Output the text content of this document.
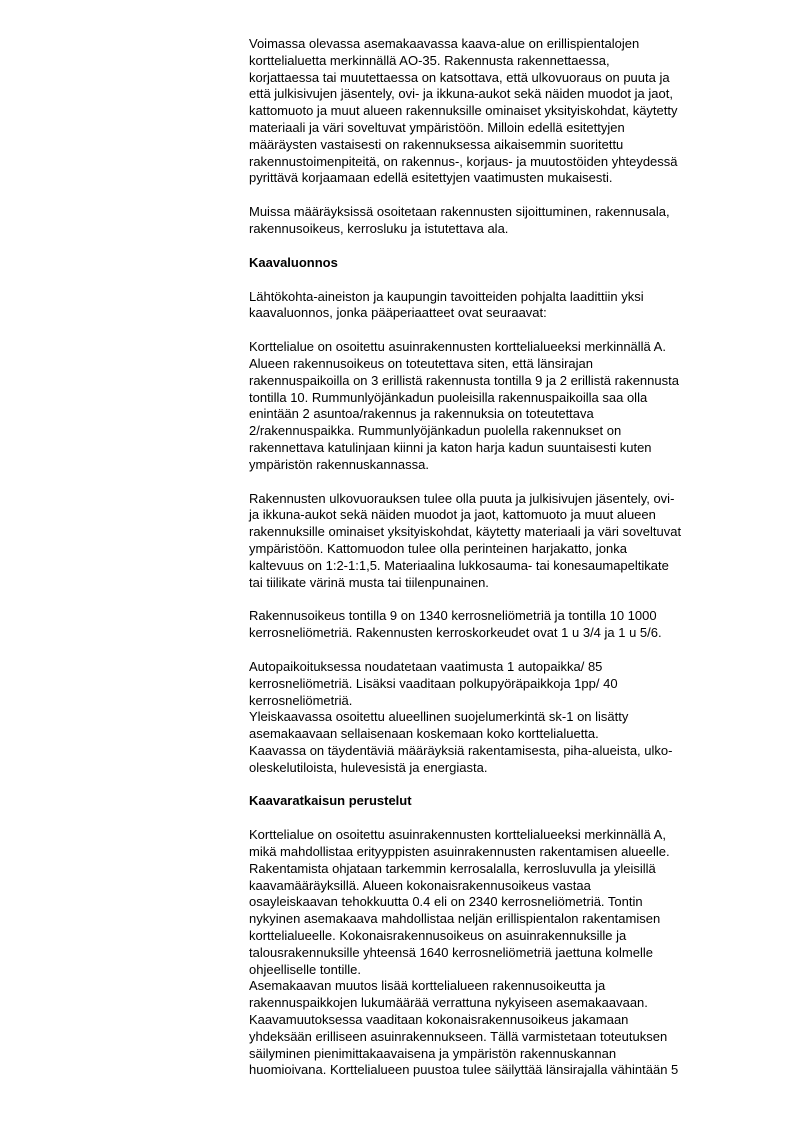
Voimassa olevassa asemakaavassa kaava-alue on erillispientalojen
korttelialuetta merkinnällä AO-35. Rakennusta rakennettaessa,
korjattaessa tai muutettaessa on katsottava, että ulkovuoraus on puuta ja
että julkisivujen jäsentely, ovi- ja ikkuna-aukot sekä näiden muodot ja jaot,
kattomuoto ja muut alueen rakennuksille ominaiset yksityiskohdat, käytetty
materiaali ja väri soveltuvat ympäristöön. Milloin edellä esitettyjen
määräysten vastaisesti on rakennuksessa aikaisemmin suoritettu
rakennustoimenpiteitä, on rakennus-, korjaus- ja muutostöiden yhteydessä
pyrittävä korjaamaan edellä esitettyjen vaatimusten mukaisesti.
Muissa määräyksissä osoitetaan rakennusten sijoittuminen, rakennusala,
rakennusoikeus, kerrosluku ja istutettava ala.
Kaavaluonnos
Lähtökohta-aineiston ja kaupungin tavoitteiden pohjalta laadittiin yksi
kaavaluonnos, jonka pääperiaatteet ovat seuraavat:
Korttelialue on osoitettu asuinrakennusten korttelialueeksi merkinnällä A.
Alueen rakennusoikeus on toteutettava siten, että länsirajan
rakennuspaikoilla on 3 erillistä rakennusta tontilla 9 ja 2 erillistä rakennusta
tontilla 10. Rummunlyöjänkadun puoleisilla rakennuspaikoilla saa olla
enintään 2 asuntoa/rakennus ja rakennuksia on toteutettava
2/rakennuspaikka. Rummunlyöjänkadun puolella rakennukset on
rakennettava katulinjaan kiinni ja katon harja kadun suuntaisesti kuten
ympäristön rakennuskannassa.
Rakennusten ulkovuorauksen tulee olla puuta ja julkisivujen jäsentely, ovi-
ja ikkuna-aukot sekä näiden muodot ja jaot, kattomuoto ja muut alueen
rakennuksille ominaiset yksityiskohdat, käytetty materiaali ja väri soveltuvat
ympäristöön. Kattomuodon tulee olla perinteinen harjakatto, jonka
kaltevuus on 1:2-1:1,5. Materiaalina lukkosauma- tai konesaumapeltikate
tai tiilikate värinä musta tai tiilenpunainen.
Rakennusoikeus tontilla 9 on 1340 kerrosneliömetriä ja tontilla 10 1000
kerrosneliömetriä. Rakennusten kerroskorkeudet ovat 1 u 3/4 ja 1 u 5/6.
Autopaikoituksessa noudatetaan vaatimusta 1 autopaikka/ 85
kerrosneliömetriä. Lisäksi vaaditaan polkupyöräpaikkoja 1pp/ 40
kerrosneliömetriä.
Yleiskaavassa osoitettu alueellinen suojelumerkintä sk-1 on lisätty
asemakaavaan sellaisenaan koskemaan koko korttelialuetta.
Kaavassa on täydentäviä määräyksiä rakentamisesta, piha-alueista, ulko-
oleskelutiloista, hulevesistä ja energiasta.
Kaavaratkaisun perustelut
Korttelialue on osoitettu asuinrakennusten korttelialueeksi merkinnällä A,
mikä mahdollistaa erityyppisten asuinrakennusten rakentamisen alueelle.
Rakentamista ohjataan tarkemmin kerrosalalla, kerrosluvulla ja yleisillä
kaavamääräyksillä. Alueen kokonaisrakennusoikeus vastaa
osayleiskaavan tehokkuutta 0.4 eli on 2340 kerrosneliömetriä. Tontin
nykyinen asemakaava mahdollistaa neljän erillispientalon rakentamisen
korttelialueelle. Kokonaisrakennusoikeus on asuinrakennuksille ja
talousrakennuksille yhteensä 1640 kerrosneliömetriä jaettuna kolmelle
ohjeelliselle tontille.
Asemakaavan muutos lisää korttelialueen rakennusoikeutta ja
rakennuspaikkojen lukumäärää verrattuna nykyiseen asemakaavaan.
Kaavamuutoksessa vaaditaan kokonaisrakennusoikeus jakamaan
yhdeksään erilliseen asuinrakennukseen. Tällä varmistetaan toteutuksen
säilyminen pienimittakaavaisena ja ympäristön rakennuskannan
huomioivana. Korttelialueen puustoa tulee säilyttää länsirajalla vähintään 5
